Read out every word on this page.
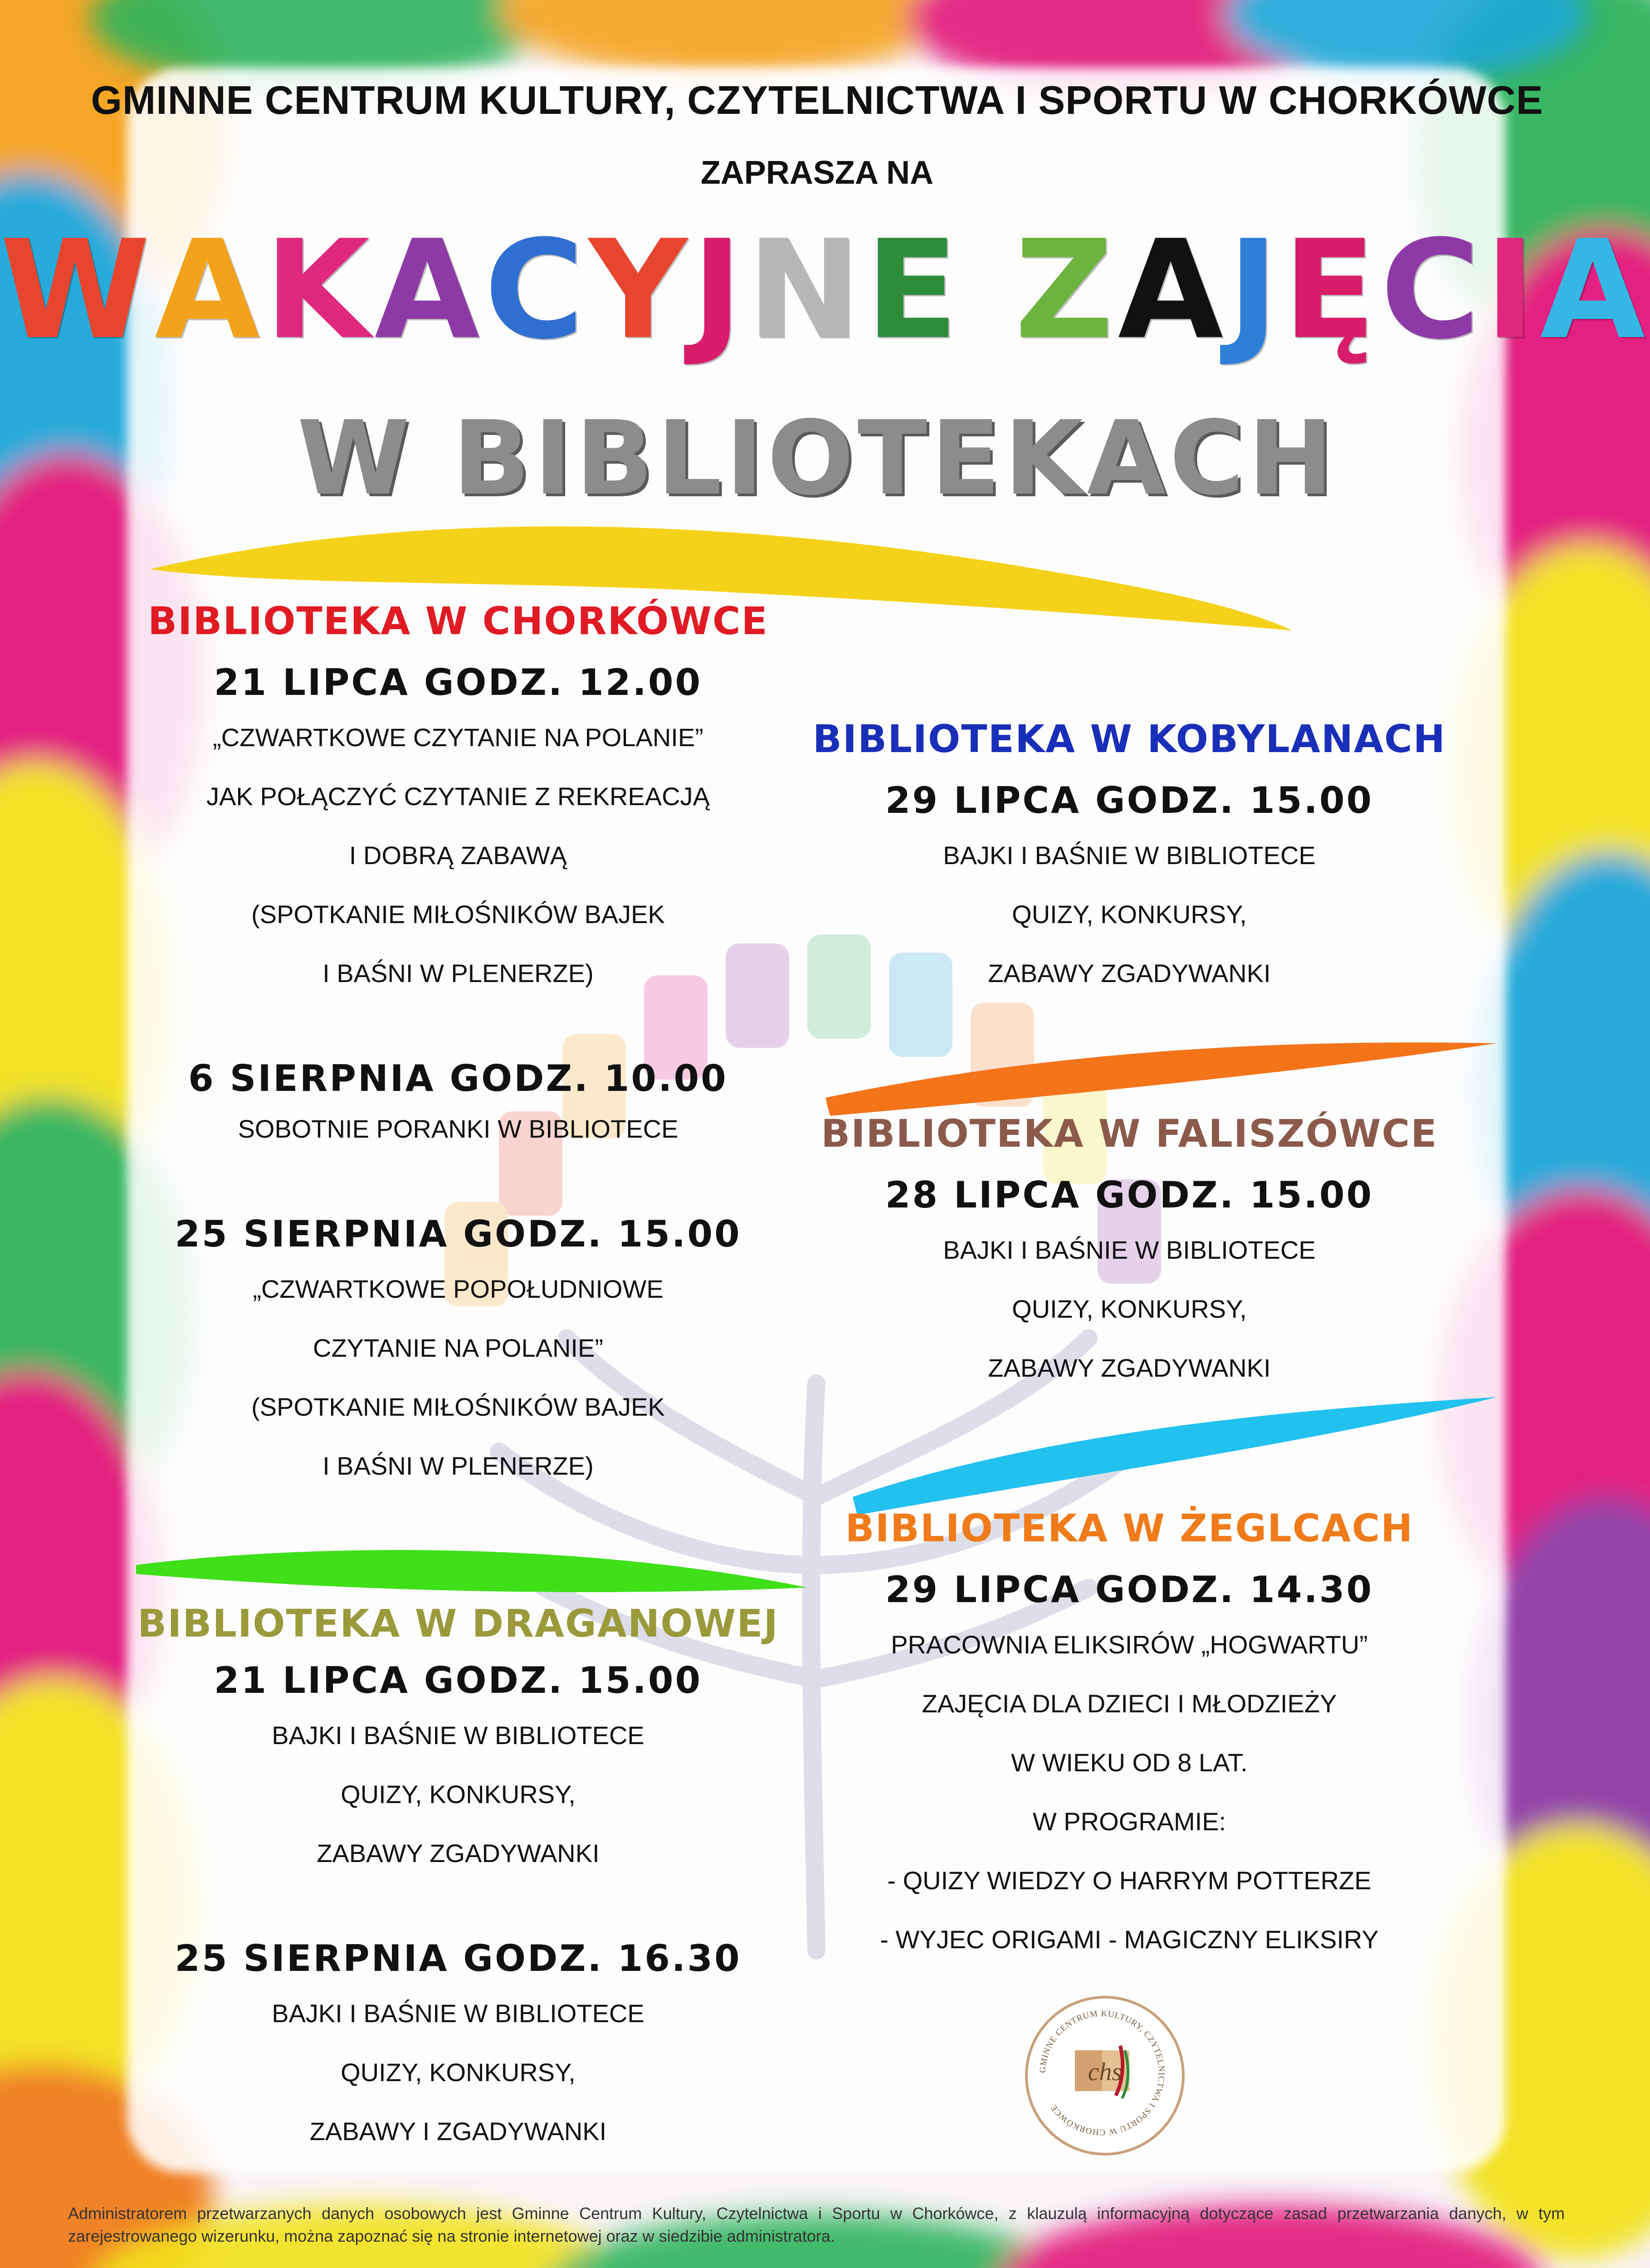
GMINNE CENTRUM KULTURY, CZYTELNICTWA I SPORTU W CHORKÓWCE
ZAPRASZA NA
WAKACYJNE ZAJĘCIA
W BIBLIOTEKACH
BIBLIOTEKA W CHORKÓWCE
21 LIPCA GODZ. 12.00
„CZWARTKOWE CZYTANIE NA POLANIE”
JAK POŁĄCZYĆ CZYTANIE Z REKREACJĄ
I DOBRĄ ZABAWĄ
(SPOTKANIE MIŁOŚNIKÓW BAJEK
I BAŚNI W PLENERZE)
6 SIERPNIA GODZ. 10.00
SOBOTNIE PORANKI W BIBLIOTECE
25 SIERPNIA GODZ. 15.00
„CZWARTKOWE POPOŁUDNIOWE
CZYTANIE NA POLANIE”
(SPOTKANIE MIŁOŚNIKÓW BAJEK
I BAŚNI W PLENERZE)
BIBLIOTEKA W DRAGANOWEJ
21 LIPCA GODZ. 15.00
BAJKI I BAŚNIE W BIBLIOTECE
QUIZY, KONKURSY,
ZABAWY ZGADYWANKI
25 SIERPNIA GODZ. 16.30
BAJKI I BAŚNIE W BIBLIOTECE
QUIZY, KONKURSY,
ZABAWY I ZGADYWANKI
BIBLIOTEKA W KOBYLANACH
29 LIPCA GODZ. 15.00
BAJKI I BAŚNIE W BIBLIOTECE
QUIZY, KONKURSY,
ZABAWY ZGADYWANKI
BIBLIOTEKA W FALISZÓWCE
28 LIPCA GODZ. 15.00
BAJKI I BAŚNIE W BIBLIOTECE
QUIZY, KONKURSY,
ZABAWY ZGADYWANKI
BIBLIOTEKA W ŻEGLCACH
29 LIPCA GODZ. 14.30
PRACOWNIA ELIKSIRÓW „HOGWARTU”
ZAJĘCIA DLA DZIECI I MŁODZIEŻY
W WIEKU OD 8 LAT.
W PROGRAMIE:
- QUIZY WIEDZY O HARRYM POTTERZE
- WYJEC ORIGAMI - MAGICZNY ELIKSIRY
GMINNE CENTRUM KULTURY, CZYTELNICTWA I SPORTU W CHORKÓWCE
chs
Administratorem przetwarzanych danych osobowych jest Gminne Centrum Kultury, Czytelnictwa i Sportu w Chorkówce, z klauzulą informacyjną dotyczące zasad przetwarzania danych, w tym zarejestrowanego wizerunku, można zapoznać się na stronie internetowej oraz w siedzibie administratora.
